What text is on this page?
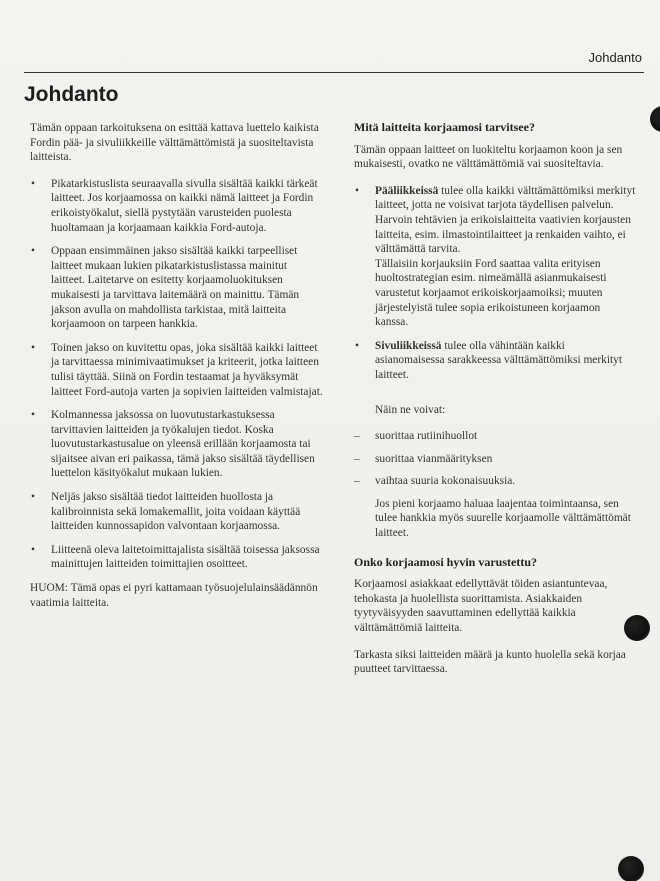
Johdanto
Johdanto

Tämän oppaan tarkoituksena on esittää kattava luettelo kaikista Fordin pää- ja sivuliikkeille välttämättömistä ja suositeltavista laitteista.

• Pikatarkistuslista seuraavalla sivulla sisältää kaikki tärkeät laitteet. Jos korjaamossa on kaikki nämä laitteet ja Fordin erikoistyökalut, siellä pystytään varusteiden puolesta huoltamaan ja korjaamaan kaikkia Ford-autoja.
• Oppaan ensimmäinen jakso sisältää kaikki tarpeelliset laitteet mukaan lukien pikatarkistuslistassa mainitut laitteet. Laitetarve on esitetty korjaamoluokituksen mukaisesti ja tarvittava laitemäärä on mainittu. Tämän jakson avulla on mahdollista tarkistaa, mitä laitteita korjaamoon on tarpeen hankkia.
• Toinen jakso on kuvitettu opas, joka sisältää kaikki laitteet ja tarvittaessa minimivaatimukset ja kriteerit, jotka laitteen tulisi täyttää. Siinä on Fordin testaamat ja hyväksymät laitteet Ford-autoja varten ja sopivien laitteiden valmistajat.
• Kolmannessa jaksossa on luovutustarkastuksessa tarvittavien laitteiden ja työkalujen tiedot. Koska luovutustarkastusalue on yleensä erillään korjaamosta tai sijaitsee aivan eri paikassa, tämä jakso sisältää täydellisen luettelon käsityökalut mukaan lukien.
• Neljäs jakso sisältää tiedot laitteiden huollosta ja kalibroinnista sekä lomakemallit, joita voidaan käyttää laitteiden kunnossapidon valvontaan korjaamossa.
• Liitteenä oleva laitetoimittajalista sisältää toisessa jaksossa mainittujen laitteiden toimittajien osoitteet.

HUOM: Tämä opas ei pyri kattamaan työsuojelulainsäädännön vaatimia laitteita.

Mitä laitteita korjaamosi tarvitsee?

Tämän oppaan laitteet on luokiteltu korjaamon koon ja sen mukaisesti, ovatko ne välttämättömiä vai suositeltavia.

• Pääliikkeissä tulee olla kaikki välttämättömiksi merkityt laitteet, jotta ne voisivat tarjota täydellisen palvelun.
Harvoin tehtävien ja erikoislaitteita vaativien korjausten laitteita, esim. ilmastointilaitteet ja renkaiden vaihto, ei välttämättä tarvita.
Tällaisiin korjauksiin Ford saattaa valita erityisen huoltostrategian esim. nimeämällä asianmukaisesti varustetut korjaamot erikoiskorjaamoiksi; muuten järjestelyistä tulee sopia erikoistuneen korjaamon kanssa.
• Sivuliikkeissä tulee olla vähintään kaikki asianomaisessa sarakkeessa välttämättömiksi merkityt laitteet.

Näin ne voivat:

– suorittaa rutiinihuollot
– suorittaa vianmäärityksen
– vaihtaa suuria kokonaisuuksia.

Jos pieni korjaamo haluaa laajentaa toimintaansa, sen tulee hankkia myös suurelle korjaamolle välttämättömät laitteet.

Onko korjaamosi hyvin varustettu?

Korjaamosi asiakkaat edellyttävät töiden asiantuntevaa, tehokasta ja huolellista suorittamista. Asiakkaiden tyytyväisyyden saavuttaminen edellyttää kaikkia välttämättömiä laitteita.

Tarkasta siksi laitteiden määrä ja kunto huolella sekä korjaa puutteet tarvittaessa.
